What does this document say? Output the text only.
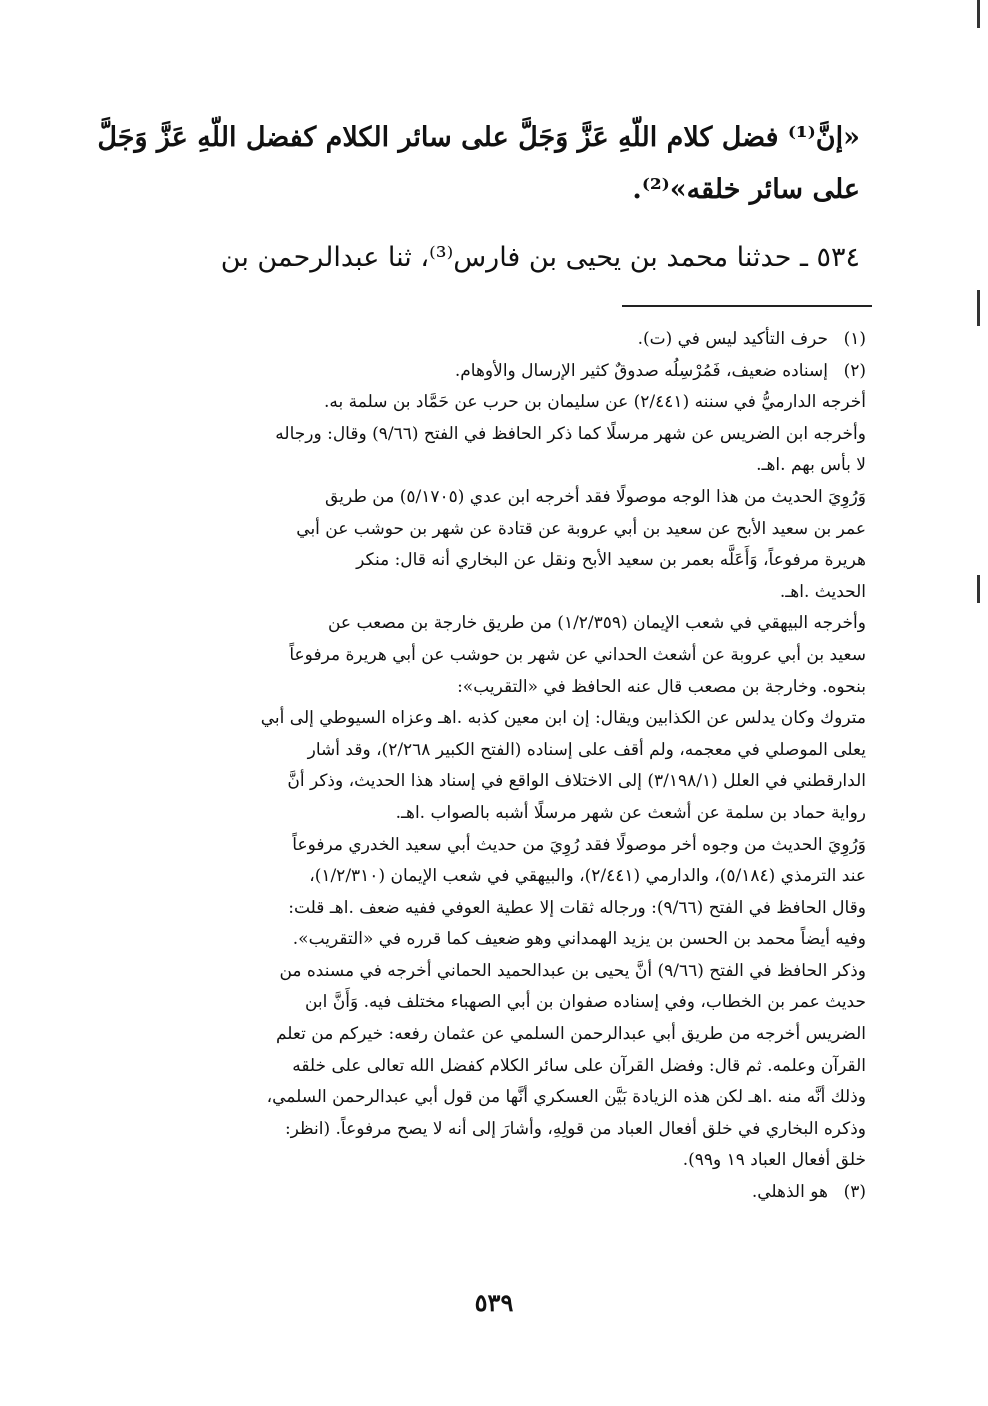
«إنَّ⁽¹⁾ فضل كلام اللّهِ عَزَّ وَجَلَّ على سائر الكلام كفضل اللّهِ عَزَّ وَجَلَّ
على سائر خلقه»⁽²⁾.
٥٣٤ ـ حدثنا محمد بن يحيى بن فارس⁽³⁾، ثنا عبدالرحمن بن
(١)
حرف التأكيد ليس في (ت).
(٢)
إسناده ضعيف، فَمُرْسِلُه صدوقٌ كثير الإرسال والأوهام.
أخرجه الدارميُّ في سننه (٢/٤٤١) عن سليمان بن حرب عن حَمَّاد بن سلمة به.
وأخرجه ابن الضريس عن شهر مرسلًا كما ذكر الحافظ في الفتح (٩/٦٦) وقال: ورجاله
لا بأس بهم .اهـ.
وَرُوِيَ الحديث من هذا الوجه موصولًا فقد أخرجه ابن عدي (٥/١٧٠٥) من طريق
عمر بن سعيد الأبح عن سعيد بن أبي عروبة عن قتادة عن شهر بن حوشب عن أبي
هريرة مرفوعاً، وَأَعَلَّه بعمر بن سعيد الأبح ونقل عن البخاري أنه قال: منكر
الحديث .اهـ.
وأخرجه البيهقي في شعب الإيمان (١/٢/٣٥٩) من طريق خارجة بن مصعب عن
سعيد بن أبي عروبة عن أشعث الحداني عن شهر بن حوشب عن أبي هريرة مرفوعاً
بنحوه. وخارجة بن مصعب قال عنه الحافظ في «التقريب»:
متروك وكان يدلس عن الكذابين ويقال: إن ابن معين كذبه .اهـ وعزاه السيوطي إلى أبي
يعلى الموصلي في معجمه، ولم أقف على إسناده (الفتح الكبير ٢/٢٦٨)، وقد أشار
الدارقطني في العلل (٣/١٩٨/١) إلى الاختلاف الواقع في إسناد هذا الحديث، وذكر أنَّ
رواية حماد بن سلمة عن أشعث عن شهر مرسلًا أشبه بالصواب .اهـ.
وَرُوِيَ الحديث من وجوه أخر موصولًا فقد رُوِيَ من حديث أبي سعيد الخدري مرفوعاً
عند الترمذي (٥/١٨٤)، والدارمي (٢/٤٤١)، والبيهقي في شعب الإيمان (١/٢/٣١٠)،
وقال الحافظ في الفتح (٩/٦٦): ورجاله ثقات إلا عطية العوفي ففيه ضعف .اهـ قلت:
وفيه أيضاً محمد بن الحسن بن يزيد الهمداني وهو ضعيف كما قرره في «التقريب».
وذكر الحافظ في الفتح (٩/٦٦) أنَّ يحيى بن عبدالحميد الحماني أخرجه في مسنده من
حديث عمر بن الخطاب، وفي إسناده صفوان بن أبي الصهباء مختلف فيه. وَأَنَّ ابن
الضريس أخرجه من طريق أبي عبدالرحمن السلمي عن عثمان رفعه: خيركم من تعلم
القرآن وعلمه. ثم قال: وفضل القرآن على سائر الكلام كفضل الله تعالى على خلقه
وذلك أنَّه منه .اهـ لكن هذه الزيادة بَيَّن العسكري أنَّها من قول أبي عبدالرحمن السلمي،
وذكره البخاري في خلق أفعال العباد من قولِهِ، وأشارَ إلى أنه لا يصح مرفوعاً. (انظر:
خلق أفعال العباد ١٩ و٩٩).
(٣)
هو الذهلي.
٥٣٩
